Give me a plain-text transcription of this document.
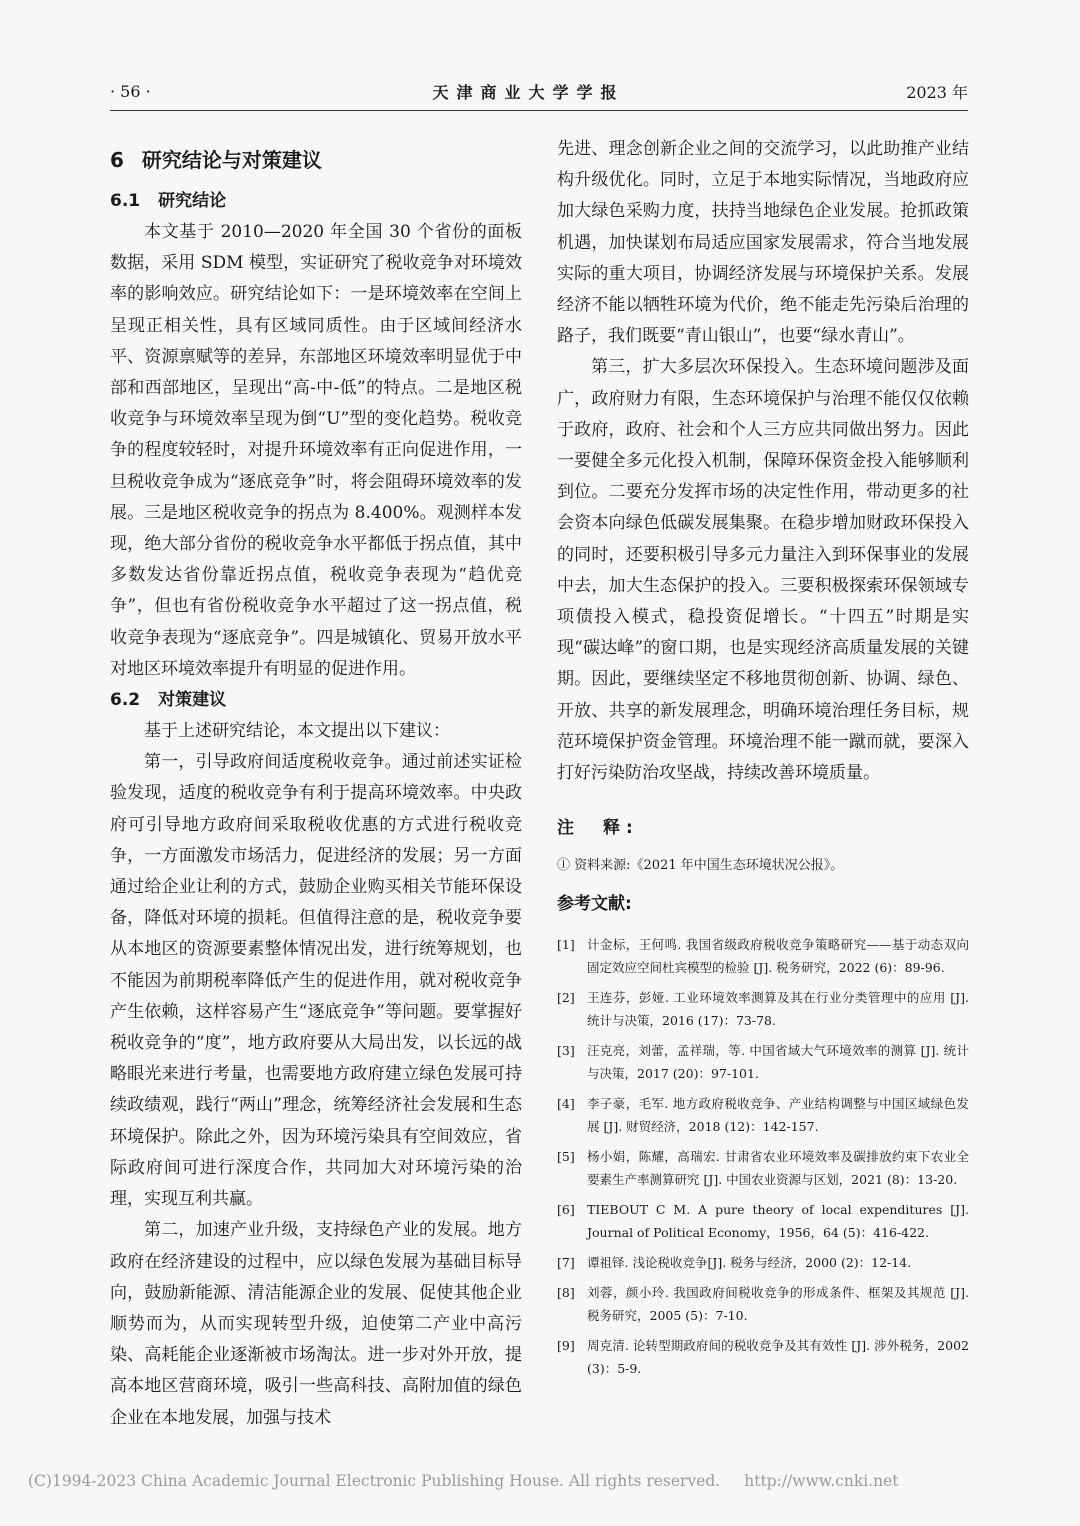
· 56 ·	天津商业大学学报	2023 年
6 研究结论与对策建议
6.1 研究结论

本文基于 2010—2020 年全国 30 个省份的面板数据，采用 SDM 模型，实证研究了税收竞争对环境效率的影响效应。研究结论如下：一是环境效率在空间上呈现正相关性，具有区域同质性。由于区域间经济水平、资源禀赋等的差异，东部地区环境效率明显优于中部和西部地区，呈现出“高-中-低”的特点。二是地区税收竞争与环境效率呈现为倒“U”型的变化趋势。税收竞争的程度较轻时，对提升环境效率有正向促进作用，一旦税收竞争成为“逐底竞争”时，将会阻碍环境效率的发展。三是地区税收竞争的拐点为 8.400%。观测样本发现，绝大部分省份的税收竞争水平都低于拐点值，其中多数发达省份靠近拐点值，税收竞争表现为“趋优竞争”，但也有省份税收竞争水平超过了这一拐点值，税收竞争表现为“逐底竞争”。四是城镇化、贸易开放水平对地区环境效率提升有明显的促进作用。

6.2 对策建议

基于上述研究结论，本文提出以下建议：

第一，引导政府间适度税收竞争。通过前述实证检验发现，适度的税收竞争有利于提高环境效率。中央政府可引导地方政府间采取税收优惠的方式进行税收竞争，一方面激发市场活力，促进经济的发展；另一方面通过给企业让利的方式，鼓励企业购买相关节能环保设备，降低对环境的损耗。但值得注意的是，税收竞争要从本地区的资源要素整体情况出发，进行统筹规划，也不能因为前期税率降低产生的促进作用，就对税收竞争产生依赖，这样容易产生“逐底竞争”等问题。要掌握好税收竞争的“度”，地方政府要从大局出发，以长远的战略眼光来进行考量，也需要地方政府建立绿色发展可持续政绩观，践行“两山”理念，统筹经济社会发展和生态环境保护。除此之外，因为环境污染具有空间效应，省际政府间可进行深度合作，共同加大对环境污染的治理，实现互利共赢。

第二，加速产业升级，支持绿色产业的发展。地方政府在经济建设的过程中，应以绿色发展为基础目标导向，鼓励新能源、清洁能源企业的发展、促使其他企业顺势而为，从而实现转型升级，迫使第二产业中高污染、高耗能企业逐渐被市场淘汰。进一步对外开放，提高本地区营商环境，吸引一些高科技、高附加值的绿色企业在本地发展，加强与技术

先进、理念创新企业之间的交流学习，以此助推产业结构升级优化。同时，立足于本地实际情况，当地政府应加大绿色采购力度，扶持当地绿色企业发展。抢抓政策机遇，加快谋划布局适应国家发展需求，符合当地发展实际的重大项目，协调经济发展与环境保护关系。发展经济不能以牺牲环境为代价，绝不能走先污染后治理的路子，我们既要“青山银山”，也要“绿水青山”。

第三，扩大多层次环保投入。生态环境问题涉及面广，政府财力有限，生态环境保护与治理不能仅仅依赖于政府，政府、社会和个人三方应共同做出努力。因此一要健全多元化投入机制，保障环保资金投入能够顺利到位。二要充分发挥市场的决定性作用，带动更多的社会资本向绿色低碳发展集聚。在稳步增加财政环保投入的同时，还要积极引导多元力量注入到环保事业的发展中去，加大生态保护的投入。三要积极探索环保领域专项债投入模式，稳投资促增长。“十四五”时期是实现“碳达峰”的窗口期，也是实现经济高质量发展的关键期。因此，要继续坚定不移地贯彻创新、协调、绿色、开放、共享的新发展理念，明确环境治理任务目标，规范环境保护资金管理。环境治理不能一蹴而就，要深入打好污染防治攻坚战，持续改善环境质量。

注　释:

① 资料来源:《2021 年中国生态环境状况公报》。

参考文献:
[1] 计金标，王何鸣. 我国省级政府税收竞争策略研究——基于动态双向固定效应空间杜宾模型的检验 [J]. 税务研究，2022 (6)：89-96.
[2] 王连芬，彭娅. 工业环境效率测算及其在行业分类管理中的应用 [J]. 统计与决策，2016 (17)：73-78.
[3] 汪克亮，刘蕾，孟祥瑞，等. 中国省域大气环境效率的测算 [J]. 统计与决策，2017 (20)：97-101.
[4] 李子豪，毛军. 地方政府税收竞争、产业结构调整与中国区域绿色发展 [J]. 财贸经济，2018 (12)：142-157.
[5] 杨小娟，陈耀，高瑞宏. 甘肃省农业环境效率及碳排放约束下农业全要素生产率测算研究 [J]. 中国农业资源与区划，2021 (8)：13-20.
[6] TIEBOUT C M. A pure theory of local expenditures [J]. Journal of Political Economy，1956，64 (5)：416-422.
[7] 谭祖铎. 浅论税收竞争[J]. 税务与经济，2000 (2)：12-14.
[8] 刘蓉，颜小玲. 我国政府间税收竞争的形成条件、框架及其规范 [J]. 税务研究，2005 (5)：7-10.
[9] 周克清. 论转型期政府间的税收竞争及其有效性 [J]. 涉外税务，2002 (3)：5-9.
(C)1994-2023 China Academic Journal Electronic Publishing House. All rights reserved. http://www.cnki.net
